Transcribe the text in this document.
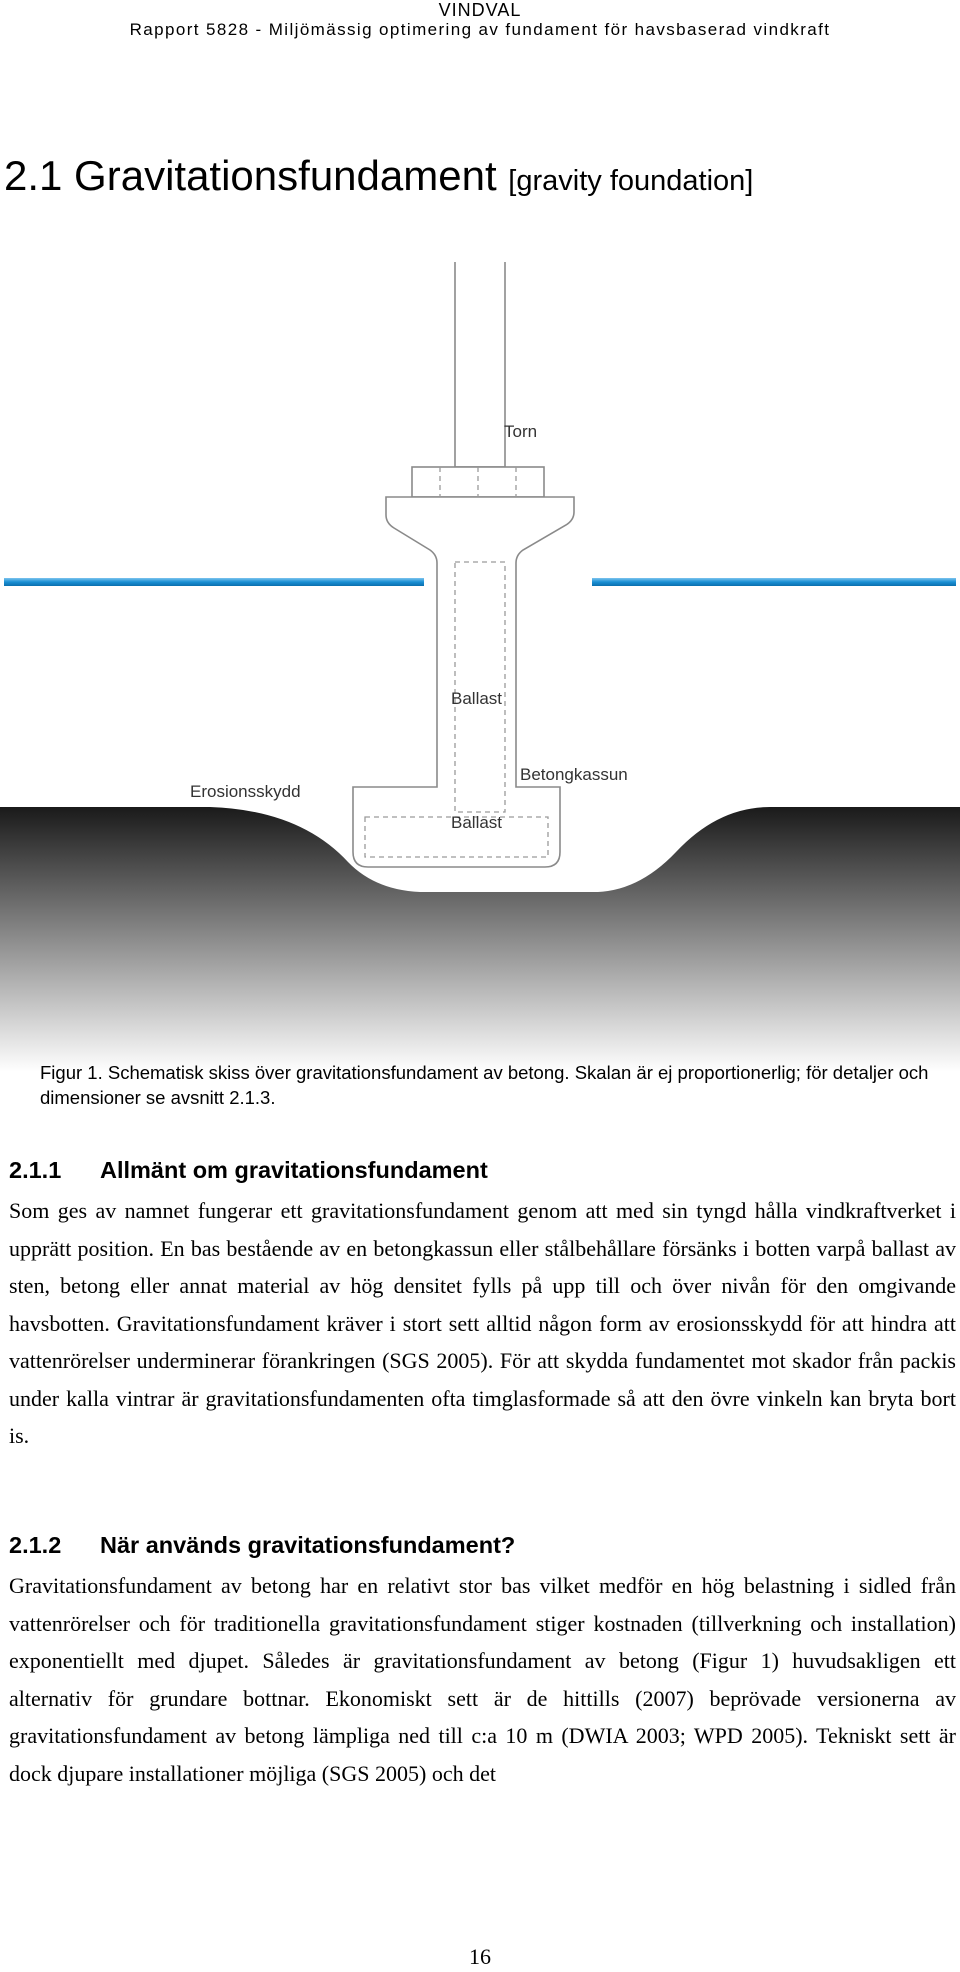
VINDVAL
Rapport 5828 - Miljömässig optimering av fundament för havsbaserad vindkraft
2.1 Gravitationsfundament [gravity foundation]
Torn
Ballast
Betongkassun
Erosionsskydd
Ballast
Figur 1. Schematisk skiss över gravitationsfundament av betong. Skalan är ej proportionerlig; för detaljer och dimensioner se avsnitt 2.1.3.
2.1.1 Allmänt om gravitationsfundament

Som ges av namnet fungerar ett gravitationsfundament genom att med sin tyngd hålla vindkraftverket i upprätt position. En bas bestående av en betongkassun eller stålbehållare försänks i botten varpå ballast av sten, betong eller annat material av hög densitet fylls på upp till och över nivån för den omgivande havsbotten. Gravitationsfundament kräver i stort sett alltid någon form av erosionsskydd för att hindra att vattenrörelser underminerar förankringen (SGS 2005). För att skydda fundamentet mot skador från packis under kalla vintrar är gravitationsfundamenten ofta timglasformade så att den övre vinkeln kan bryta bort is.

2.1.2 När används gravitationsfundament?

Gravitationsfundament av betong har en relativt stor bas vilket medför en hög belastning i sidled från vattenrörelser och för traditionella gravitationsfundament stiger kostnaden (tillverkning och installation) exponentiellt med djupet. Således är gravitationsfundament av betong (Figur 1) huvudsakligen ett alternativ för grundare bottnar. Ekonomiskt sett är de hittills (2007) beprövade versionerna av gravitationsfundament av betong lämpliga ned till c:a 10 m (DWIA 2003; WPD 2005). Tekniskt sett är dock djupare installationer möjliga (SGS 2005) och det

16
